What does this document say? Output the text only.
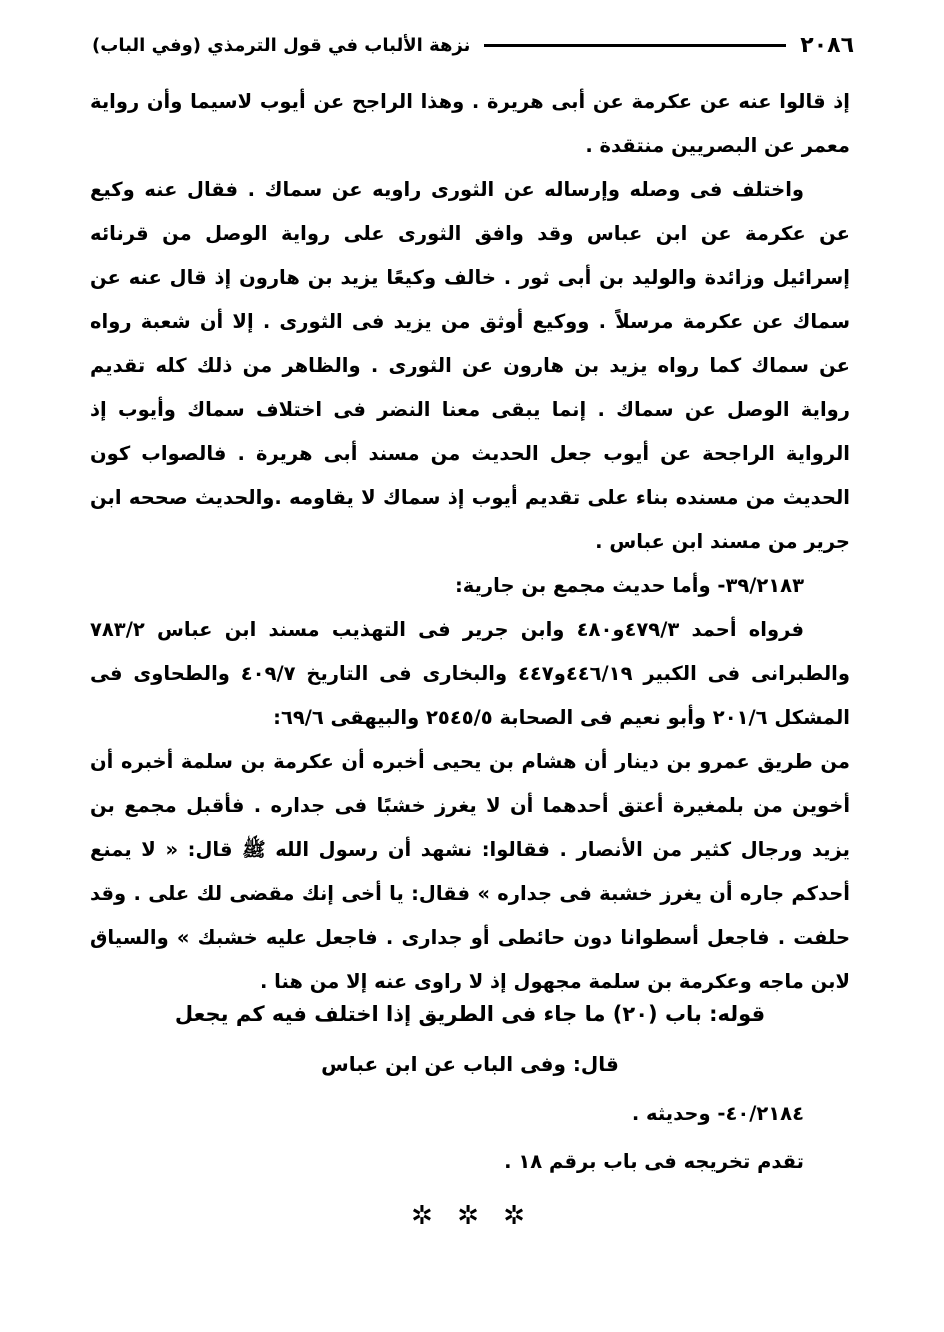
٢٠٨٦
نزهة الألباب في قول الترمذي (وفي الباب)

إذ قالوا عنه عن عكرمة عن أبى هريرة . وهذا الراجح عن أيوب لاسيما وأن رواية معمر عن البصريين منتقدة .

واختلف فى وصله وإرساله عن الثورى راويه عن سماك . فقال عنه وكيع عن عكرمة عن ابن عباس وقد وافق الثورى على رواية الوصل من قرنائه إسرائيل وزائدة والوليد بن أبى ثور . خالف وكيعًا يزيد بن هارون إذ قال عنه عن سماك عن عكرمة مرسلاً . ووكيع أوثق من يزيد فى الثورى . إلا أن شعبة رواه عن سماك كما رواه يزيد بن هارون عن الثورى . والظاهر من ذلك كله تقديم رواية الوصل عن سماك . إنما يبقى معنا النضر فى اختلاف سماك وأيوب إذ الرواية الراجحة عن أيوب جعل الحديث من مسند أبى هريرة . فالصواب كون الحديث من مسنده بناء على تقديم أيوب إذ سماك لا يقاومه .والحديث صححه ابن جرير من مسند ابن عباس .

٣٩/٢١٨٣- وأما حديث مجمع بن جارية:

فرواه أحمد ٤٧٩/٣و٤٨٠ وابن جرير فى التهذيب مسند ابن عباس ٧٨٣/٢ والطبرانى فى الكبير ٤٤٦/١٩و٤٤٧ والبخارى فى التاريخ ٤٠٩/٧ والطحاوى فى المشكل ٢٠١/٦ وأبو نعيم فى الصحابة ٢٥٤٥/٥ والبيهقى ٦٩/٦:

من طريق عمرو بن دينار أن هشام بن يحيى أخبره أن عكرمة بن سلمة أخبره أن أخوين من بلمغيرة أعتق أحدهما أن لا يغرز خشبًا فى جداره . فأقبل مجمع بن يزيد ورجال كثير من الأنصار . فقالوا: نشهد أن رسول الله ﷺ قال: « لا يمنع أحدكم جاره أن يغرز خشبة فى جداره » فقال: يا أخى إنك مقضى لك على . وقد حلفت . فاجعل أسطوانا دون حائطى أو جدارى . فاجعل عليه خشبك » والسياق لابن ماجه وعكرمة بن سلمة مجهول إذ لا راوى عنه إلا من هنا .

قوله: باب (٢٠) ما جاء فى الطريق إذا اختلف فيه كم يجعل
قال: وفى الباب عن ابن عباس
٤٠/٢١٨٤- وحديثه .
تقدم تخريجه فى باب برقم ١٨ .
✲ ✲ ✲
